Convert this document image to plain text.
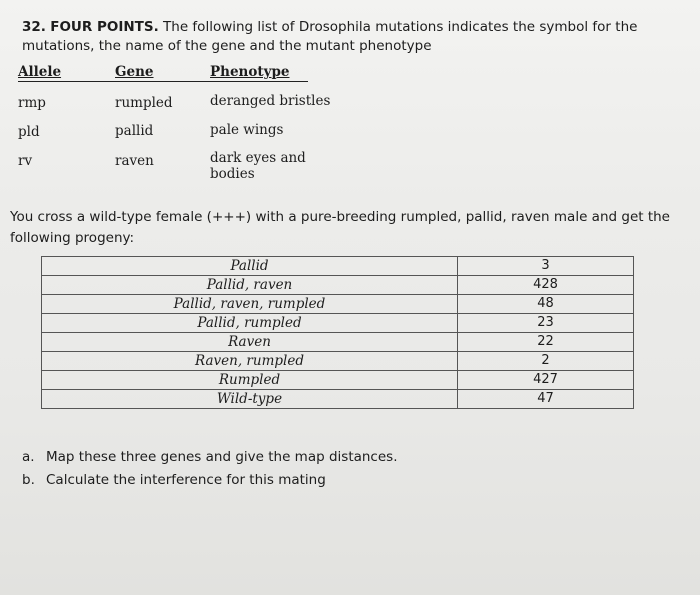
32. FOUR POINTS. The following list of Drosophila mutations indicates the symbol for the mutations, the name of the gene and the mutant phenotype
Allele	Gene	Phenotype
rmp	rumpled	deranged bristles
pld	pallid	pale wings
rv	raven	dark eyes and bodies
You cross a wild-type female (+++) with a pure-breeding rumpled, pallid, raven male and get the following progeny:
Pallid	3
Pallid, raven	428
Pallid, raven, rumpled	48
Pallid, rumpled	23
Raven	22
Raven, rumpled	2
Rumpled	427
Wild-type	47
a. Map these three genes and give the map distances.
b. Calculate the interference for this mating
